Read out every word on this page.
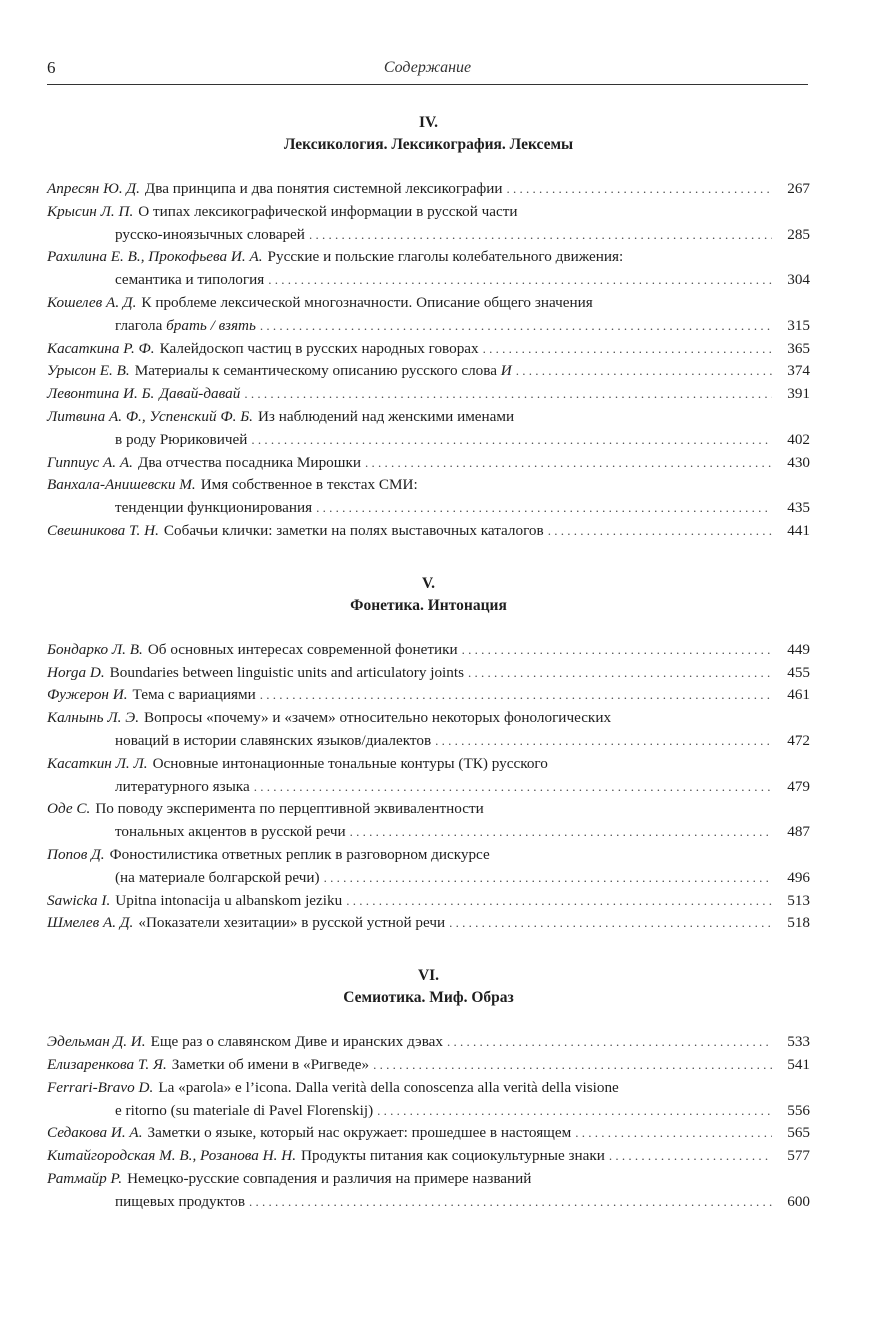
6	Содержание
IV.
Лексикология. Лексикография. Лексемы
Апресян Ю. Д. Два принципа и два понятия системной лексикографии . . .	267
Крысин Л. П. О типах лексикографической информации в русской части
русско-иноязычных словарей . . .	285
Рахилина Е. В., Прокофьева И. А. Русские и польские глаголы колебательного движения:
семантика и типология . . .	304
Кошелев А. Д. К проблеме лексической многозначности. Описание общего значения
глагола брать / взять . . .	315
Касаткина Р. Ф. Калейдоскоп частиц в русских народных говорах . . .	365
Урысон Е. В. Материалы к семантическому описанию русского слова И . . .	374
Левонтина И. Б. Давай-давай . . .	391
Литвина А. Ф., Успенский Ф. Б. Из наблюдений над женскими именами
в роду Рюриковичей . . .	402
Гиппиус А. А. Два отчества посадника Мирошки . . .	430
Ванхала-Анишевски М. Имя собственное в текстах СМИ:
тенденции функционирования . . .	435
Свешникова Т. Н. Собачьи клички: заметки на полях выставочных каталогов . . .	441
V.
Фонетика. Интонация
Бондарко Л. В. Об основных интересах современной фонетики . . .	449
Horga D. Boundaries between linguistic units and articulatory joints . . .	455
Фужерон И. Тема с вариациями . . .	461
Калнынь Л. Э. Вопросы «почему» и «зачем» относительно некоторых фонологических
новаций в истории славянских языков/диалектов . . .	472
Касаткин Л. Л. Основные интонационные тональные контуры (ТК) русского
литературного языка . . .	479
Оде С. По поводу эксперимента по перцептивной эквивалентности
тональных акцентов в русской речи . . .	487
Попов Д. Фоностилистика ответных реплик в разговорном дискурсе
(на материале болгарской речи) . . .	496
Sawicka I. Upitna intonacija u albanskom jeziku . . .	513
Шмелев А. Д. «Показатели хезитации» в русской устной речи . . .	518
VI.
Семиотика. Миф. Образ
Эдельман Д. И. Еще раз о славянском Диве и иранских дэвах . . .	533
Елизаренкова Т. Я. Заметки об имени в «Ригведе» . . .	541
Ferrari-Bravo D. La «parola» e l’icona. Dalla verità della conoscenza alla verità della visione
e ritorno (su materiale di Pavel Florenskij) . . .	556
Седакова И. А. Заметки о языке, который нас окружает: прошедшее в настоящем . . .	565
Китайгородская М. В., Розанова Н. Н. Продукты питания как социокультурные знаки . . .	577
Ратмайр Р. Немецко-русские совпадения и различия на примере названий
пищевых продуктов . . .	600
